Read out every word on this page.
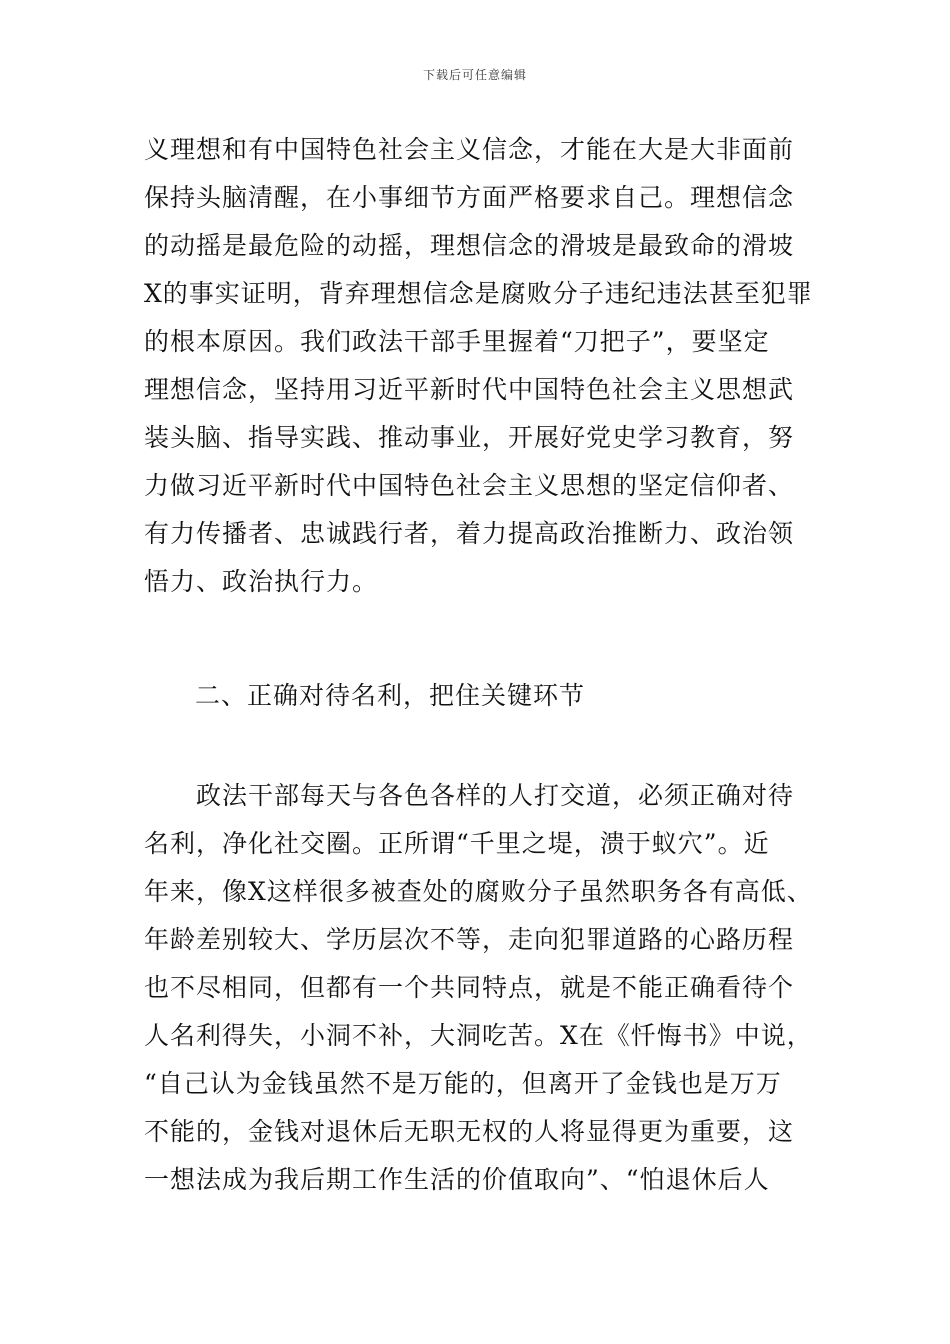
下载后可任意编辑
义理想和有中国特色社会主义信念，才能在大是大非面前
保持头脑清醒，在小事细节方面严格要求自己。理想信念
的动摇是最危险的动摇，理想信念的滑坡是最致命的滑坡
X的事实证明，背弃理想信念是腐败分子违纪违法甚至犯罪
的根本原因。我们政法干部手里握着“刀把子”，要坚定
理想信念，坚持用习近平新时代中国特色社会主义思想武
装头脑、指导实践、推动事业，开展好党史学习教育，努
力做习近平新时代中国特色社会主义思想的坚定信仰者、
有力传播者、忠诚践行者，着力提高政治推断力、政治领
悟力、政治执行力。
二、正确对待名利，把住关键环节
　　政法干部每天与各色各样的人打交道，必须正确对待
名利，净化社交圈。正所谓“千里之堤，溃于蚁穴”。近
年来，像X这样很多被查处的腐败分子虽然职务各有高低、
年龄差别较大、学历层次不等，走向犯罪道路的心路历程
也不尽相同，但都有一个共同特点，就是不能正确看待个
人名利得失，小洞不补，大洞吃苦。X在《忏悔书》中说，
“自己认为金钱虽然不是万能的，但离开了金钱也是万万
不能的，金钱对退休后无职无权的人将显得更为重要，这
一想法成为我后期工作生活的价值取向”、“怕退休后人
